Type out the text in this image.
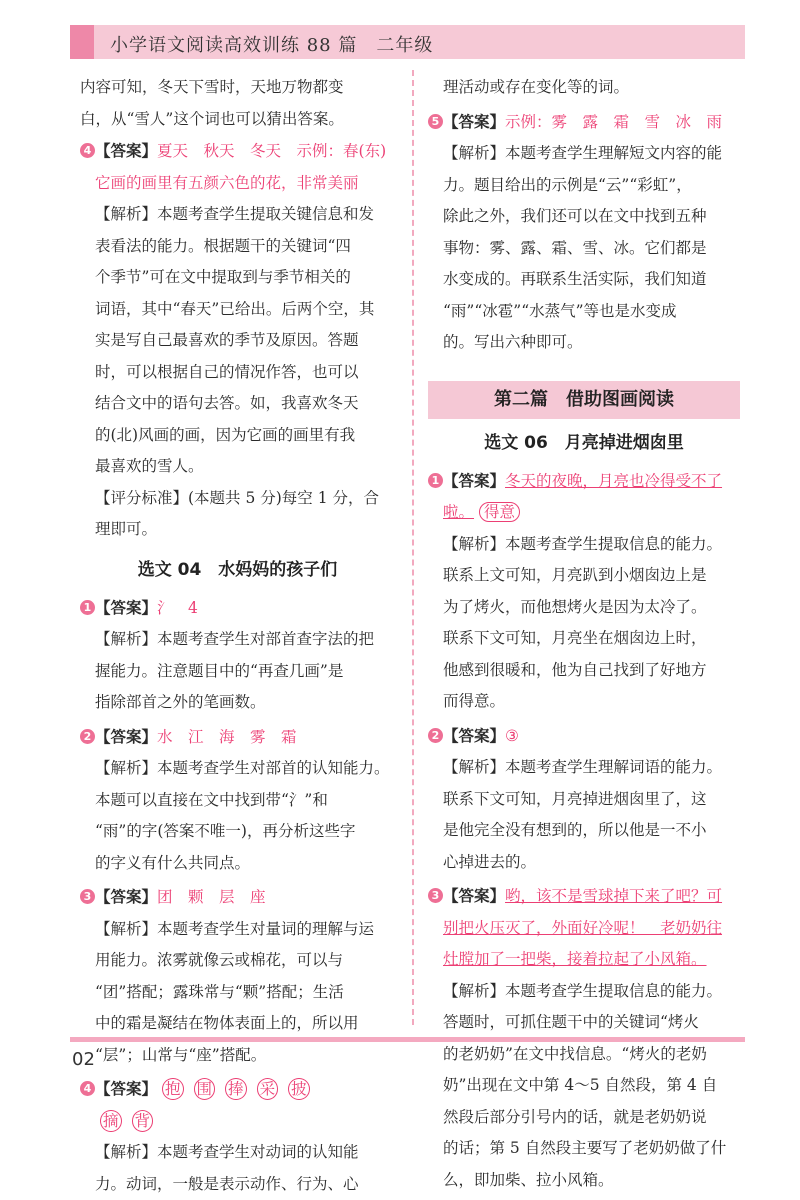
小学语文阅读高效训练 88 篇　二年级

内容可知，冬天下雪时，天地万物都变

白，从“雪人”这个词也可以猜出答案。

4 【答案】夏天　秋天　冬天　示例：春(东)

它画的画里有五颜六色的花，非常美丽

【解析】本题考查学生提取关键信息和发

表看法的能力。根据题干的关键词“四

个季节”可在文中提取到与季节相关的

词语，其中“春天”已给出。后两个空，其

实是写自己最喜欢的季节及原因。答题

时，可以根据自己的情况作答，也可以

结合文中的语句去答。如，我喜欢冬天

的(北)风画的画，因为它画的画里有我

最喜欢的雪人。

【评分标准】(本题共 5 分)每空 1 分，合

理即可。

选文 04　水妈妈的孩子们

1 【答案】氵　4

【解析】本题考查学生对部首查字法的把

握能力。注意题目中的“再查几画”是

指除部首之外的笔画数。

2 【答案】水　江　海　雾　霜

【解析】本题考查学生对部首的认知能力。

本题可以直接在文中找到带“氵”和

“雨”的字(答案不唯一)，再分析这些字

的字义有什么共同点。

3 【答案】团　颗　层　座

【解析】本题考查学生对量词的理解与运

用能力。浓雾就像云或棉花，可以与

“团”搭配；露珠常与“颗”搭配；生活

中的霜是凝结在物体表面上的，所以用

“层”；山常与“座”搭配。

4 【答案】 抱 围 捧 采 披

摘 背

【解析】本题考查学生对动词的认知能

力。动词，一般是表示动作、行为、心

理活动或存在变化等的词。

5 【答案】示例：雾　露　霜　雪　冰　雨

【解析】本题考查学生理解短文内容的能

力。题目给出的示例是“云”“彩虹”，

除此之外，我们还可以在文中找到五种

事物：雾、露、霜、雪、冰。它们都是

水变成的。再联系生活实际，我们知道

“雨”“冰雹”“水蒸气”等也是水变成

的。写出六种即可。

第二篇　借助图画阅读
选文 06　月亮掉进烟囱里

1 【答案】冬天的夜晚，月亮也冷得受不了

啦。 得意

【解析】本题考查学生提取信息的能力。

联系上文可知，月亮趴到小烟囱边上是

为了烤火，而他想烤火是因为太冷了。

联系下文可知，月亮坐在烟囱边上时，

他感到很暖和，他为自己找到了好地方

而得意。

2 【答案】③

【解析】本题考查学生理解词语的能力。

联系下文可知，月亮掉进烟囱里了，这

是他完全没有想到的，所以他是一不小

心掉进去的。

3 【答案】哟，该不是雪球掉下来了吧？可

别把火压灭了，外面好冷呢！　老奶奶往

灶膛加了一把柴，接着拉起了小风箱。

【解析】本题考查学生提取信息的能力。

答题时，可抓住题干中的关键词“烤火

的老奶奶”在文中找信息。“烤火的老奶

奶”出现在文中第 4～5 自然段，第 4 自

然段后部分引号内的话，就是老奶奶说

的话；第 5 自然段主要写了老奶奶做了什

么，即加柴、拉小风箱。

02
